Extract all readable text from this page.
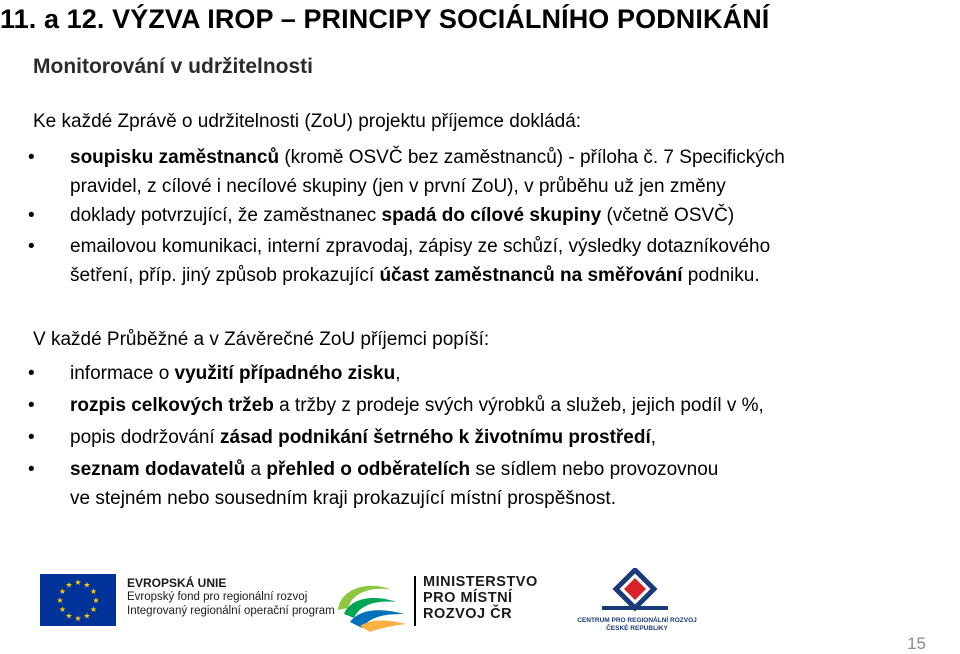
11. a 12. VÝZVA IROP – PRINCIPY SOCIÁLNÍHO PODNIKÁNÍ
Monitorování v udržitelnosti
Ke každé Zprávě o udržitelnosti (ZoU) projektu příjemce dokládá:
•	soupisku zaměstnanců (kromě OSVČ bez zaměstnanců) - příloha č. 7 Specifických
pravidel, z cílové i necílové skupiny (jen v první ZoU), v průběhu už jen změny
•	doklady potvrzující, že zaměstnanec spadá do cílové skupiny (včetně OSVČ)
•	emailovou komunikaci, interní zpravodaj, zápisy ze schůzí, výsledky dotazníkového
šetření, příp. jiný způsob prokazující účast zaměstnanců na směřování podniku.
V každé Průběžné a v Závěrečné ZoU příjemci popíší:
•	informace o využití případného zisku,
•	rozpis celkových tržeb a tržby z prodeje svých výrobků a služeb, jejich podíl v %,
•	popis dodržování zásad podnikání šetrného k životnímu prostředí,
•	seznam dodavatelů a přehled o odběratelích se sídlem nebo provozovnou
ve stejném nebo sousedním kraji prokazující místní prospěšnost.
★ ★
★
★
★
★
★
★
★
★
★
★	EVROPSKÁ UNIE
Evropský fond pro regionální rozvoj
Integrovaný regionální operační program
MINISTERSTVO
PRO MÍSTNÍ
ROZVOJ ČR	CENTRUM PRO REGIONÁLNÍ ROZVOJ
ČESKÉ REPUBLIKY
15
